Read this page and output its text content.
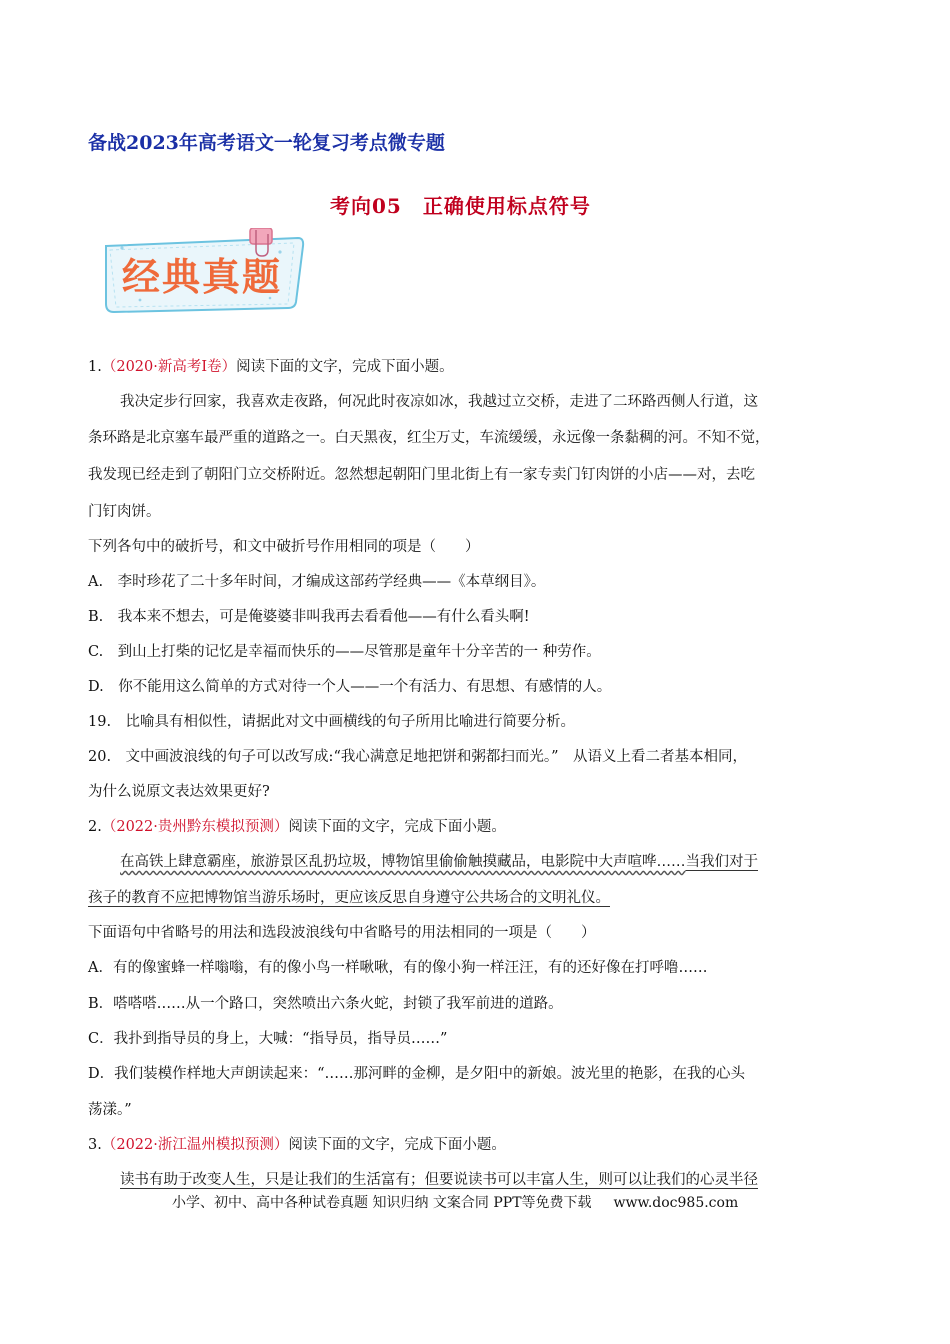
备战2023年高考语文一轮复习考点微专题
考向05　正确使用标点符号
经典真题
1.（2020·新高考I卷）阅读下面的文字，完成下面小题。
我决定步行回家，我喜欢走夜路，何况此时夜凉如冰，我越过立交桥，走进了二环路西侧人行道，这
条环路是北京塞车最严重的道路之一。白天黑夜，红尘万丈，车流缓缓，永远像一条黏稠的河。不知不觉，
我发现已经走到了朝阳门立交桥附近。忽然想起朝阳门里北街上有一家专卖门钉肉饼的小店——对，去吃
门钉肉饼。
下列各句中的破折号，和文中破折号作用相同的项是（　　）
A.　李时珍花了二十多年时间，才编成这部药学经典——《本草纲目》。
B.　我本来不想去，可是俺婆婆非叫我再去看看他——有什么看头啊!
C.　到山上打柴的记忆是幸福而快乐的——尽管那是童年十分辛苦的一 种劳作。
D.　你不能用这么简单的方式对待一个人——一个有活力、有思想、有感情的人。
19.　比喻具有相似性，请据此对文中画横线的句子所用比喻进行简要分析。
20.　文中画波浪线的句子可以改写成:“我心满意足地把饼和粥都扫而光。”　从语义上看二者基本相同，
为什么说原文表达效果更好?
2.（2022·贵州黔东模拟预测）阅读下面的文字，完成下面小题。
在高铁上肆意霸座，旅游景区乱扔垃圾，博物馆里偷偷触摸藏品，电影院中大声喧哗……当我们对于
孩子的教育不应把博物馆当游乐场时，更应该反思自身遵守公共场合的文明礼仪。
下面语句中省略号的用法和选段波浪线句中省略号的用法相同的一项是（　　）
A．有的像蜜蜂一样嗡嗡，有的像小鸟一样啾啾，有的像小狗一样汪汪，有的还好像在打呼噜……
B．嗒嗒嗒……从一个路口，突然喷出六条火蛇，封锁了我军前进的道路。
C．我扑到指导员的身上，大喊：“指导员，指导员……”
D．我们装模作样地大声朗读起来：“……那河畔的金柳，是夕阳中的新娘。波光里的艳影，在我的心头
荡漾。”
3.（2022·浙江温州模拟预测）阅读下面的文字，完成下面小题。
读书有助于改变人生，只是让我们的生活富有；但要说读书可以丰富人生，则可以让我们的心灵半径
小学、初中、高中各种试卷真题 知识归纳 文案合同 PPT等免费下载 www.doc985.com
